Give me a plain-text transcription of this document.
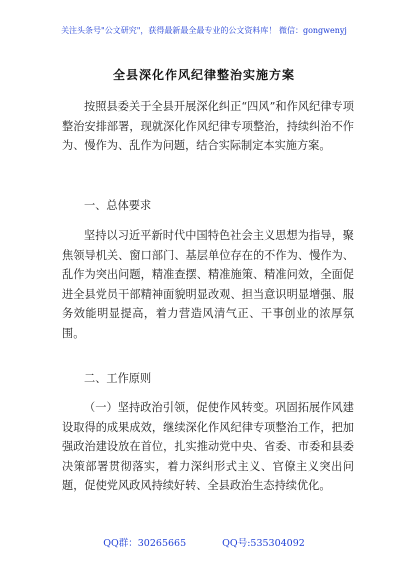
关注头条号"公文研究"，获得最新最全最专业的公文资料库！ 微信：gongwenyj
全县深化作风纪律整治实施方案

按照县委关于全县开展深化纠正“四风”和作风纪律专项整治安排部署，现就深化作风纪律专项整治，持续纠治不作为、慢作为、乱作为问题，结合实际制定本实施方案。

一、总体要求

坚持以习近平新时代中国特色社会主义思想为指导，聚焦领导机关、窗口部门、基层单位存在的不作为、慢作为、乱作为突出问题，精准查摆、精准施策、精准问效，全面促进全县党员干部精神面貌明显改观、担当意识明显增强、服务效能明显提高，着力营造风清气正、干事创业的浓厚氛围。

二、工作原则

（一）坚持政治引领，促使作风转变。巩固拓展作风建设取得的成果成效，继续深化作风纪律专项整治工作，把加强政治建设放在首位，扎实推动党中央、省委、市委和县委决策部署贯彻落实，着力深纠形式主义、官僚主义突出问题，促使党风政风持续好转、全县政治生态持续优化。

QQ群：30265665	QQ号:535304092
